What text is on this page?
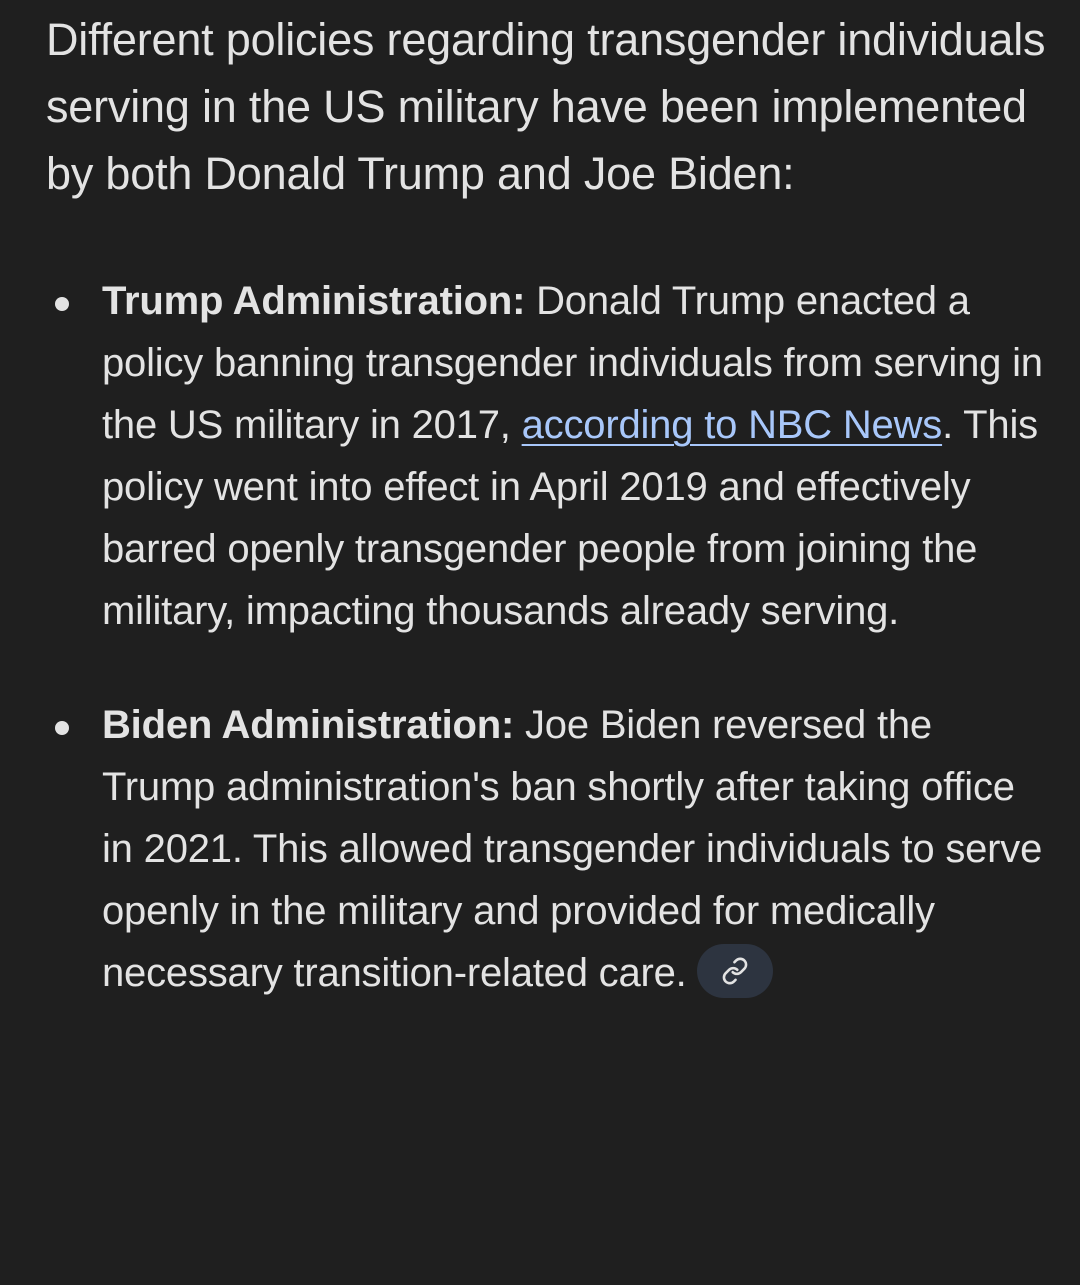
Different policies regarding transgender individuals serving in the US military have been implemented by both Donald Trump and Joe Biden:

Trump Administration: Donald Trump enacted a policy banning transgender individuals from serving in the US military in 2017, according to NBC News. This policy went into effect in April 2019 and effectively barred openly transgender people from joining the military, impacting thousands already serving.
Biden Administration: Joe Biden reversed the Trump administration's ban shortly after taking office in 2021. This allowed transgender individuals to serve openly in the military and provided for medically necessary transition-related care.
